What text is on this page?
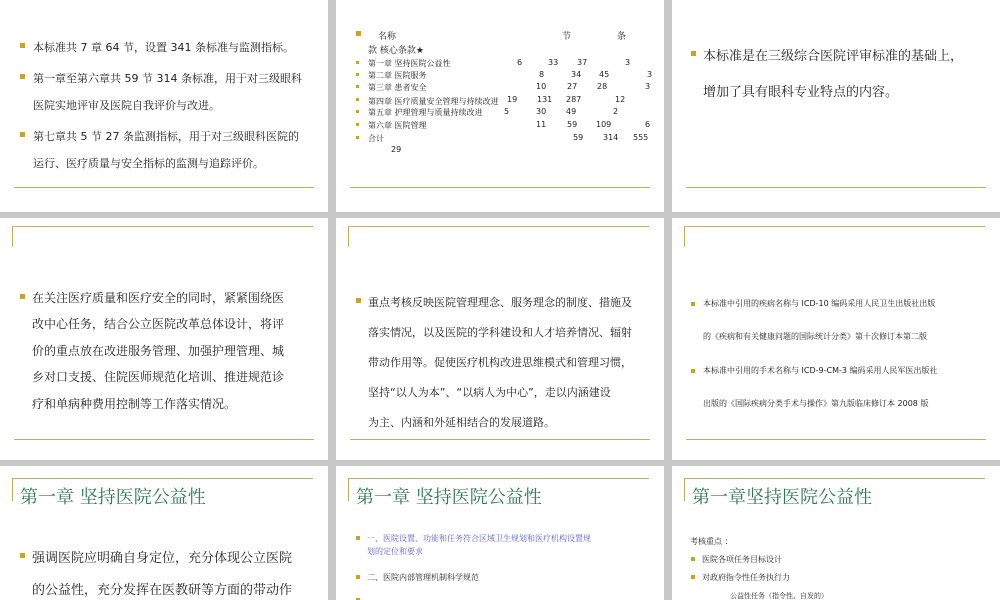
本标准共 7 章 64 节，设置 341 条标准与监测指标。
第一章至第六章共 59 节 314 条标准，用于对三级眼科
医院实地评审及医院自我评价与改进。
第七章共 5 节 27 条监测指标，用于对三级眼科医院的
运行、医疗质量与安全指标的监测与追踪评价。
名称	节	条
款 核心条款★
第一章 坚持医院公益性	6	33 37	3
第二章 医院服务	8	34 45	3
第三章 患者安全	10	27 28	3
第四章 医疗质量安全管理与持续改进 19 131 287	12
第五章 护理管理与质量持续改进	5	30 49	2
第六章 医院管理	11	59 109	6
合计	59 314 555
29
本标准是在三级综合医院评审标准的基础上，
增加了具有眼科专业特点的内容。
在关注医疗质量和医疗安全的同时，紧紧围绕医
改中心任务，结合公立医院改革总体设计，将评
价的重点放在改进服务管理、加强护理管理、城
乡对口支援、住院医师规范化培训、推进规范诊
疗和单病种费用控制等工作落实情况。
重点考核反映医院管理理念、服务理念的制度、措施及
落实情况，以及医院的学科建设和人才培养情况、辐射
带动作用等。促使医疗机构改进思维模式和管理习惯，
坚持“以人为本”、“以病人为中心”，走以内涵建设
为主、内涵和外延相结合的发展道路。
本标准中引用的疾病名称与 ICD-10 编码采用人民卫生出版社出版
的《疾病和有关健康问题的国际统计分类》第十次修订本第二版
本标准中引用的手术名称与 ICD-9-CM-3 编码采用人民军医出版社
出版的《国际疾病分类手术与操作》第九版临床修订本 2008 版
第一章 坚持医院公益性
强调医院应明确自身定位，充分体现公立医院
的公益性，充分发挥在医教研等方面的带动作
第一章 坚持医院公益性
一、医院设置、功能和任务符合区域卫生规划和医疗机构设置规
划的定位和要求
二、医院内部管理机制科学规范
第一章坚持医院公益性
考核重点 ：
医院各项任务目标设计
对政府指令性任务执行力
公益性任务（指令性、自发的）
